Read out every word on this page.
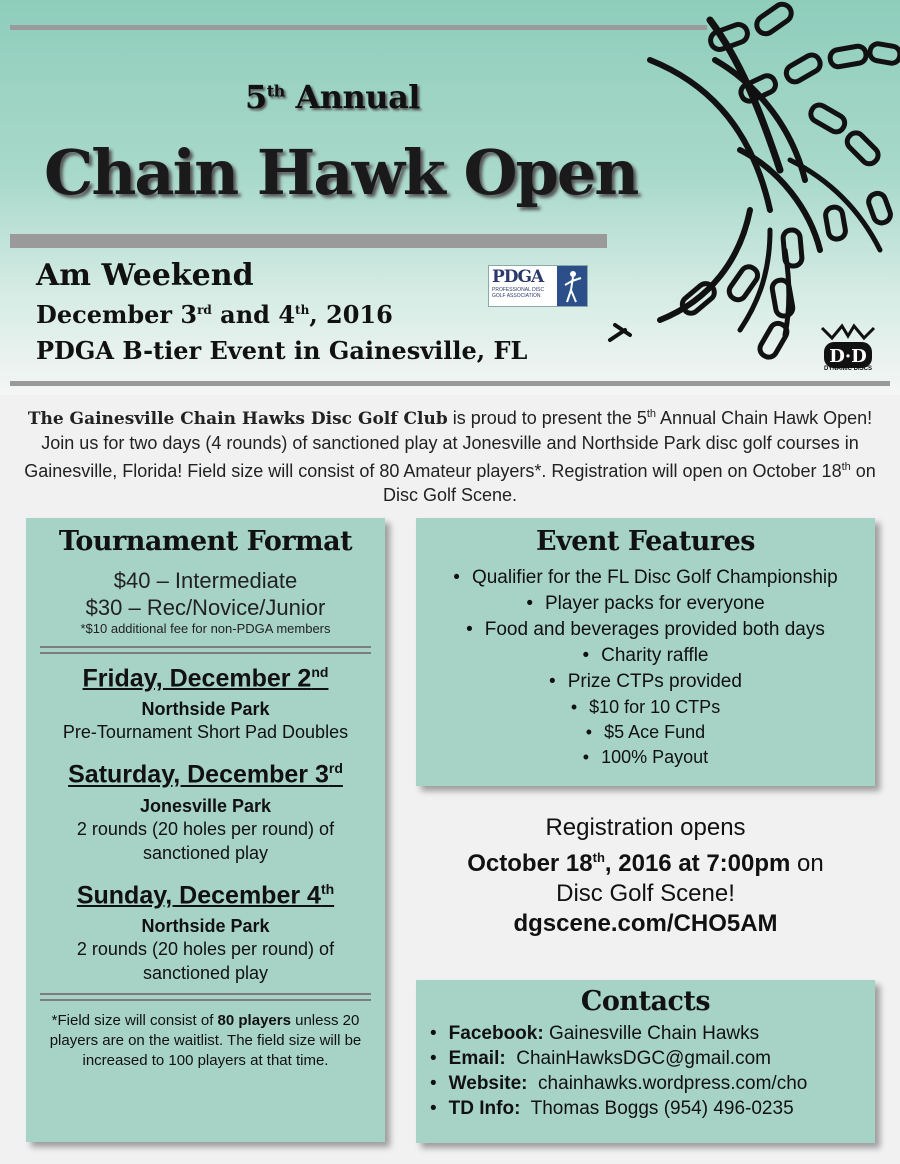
5th Annual
Chain Hawk Open
Am Weekend
December 3rd and 4th, 2016
PDGA B-tier Event in Gainesville, FL
PDGA
PROFESSIONAL DISC GOLF ASSOCIATION
D·D
DYNAMIC DISCS
The Gainesville Chain Hawks Disc Golf Club is proud to present the 5th Annual Chain Hawk Open! Join us for two days (4 rounds) of sanctioned play at Jonesville and Northside Park disc golf courses in Gainesville, Florida! Field size will consist of 80 Amateur players*. Registration will open on October 18th on Disc Golf Scene.
Tournament Format
$40 – Intermediate
$30 – Rec/Novice/Junior
*$10 additional fee for non-PDGA members
Friday, December 2nd
Northside Park
Pre-Tournament Short Pad Doubles
Saturday, December 3rd
Jonesville Park
2 rounds (20 holes per round) of sanctioned play
Sunday, December 4th
Northside Park
2 rounds (20 holes per round) of sanctioned play
*Field size will consist of 80 players unless 20 players are on the waitlist. The field size will be increased to 100 players at that time.
Event Features
• Qualifier for the FL Disc Golf Championship
• Player packs for everyone
• Food and beverages provided both days
• Charity raffle
• Prize CTPs provided
• $10 for 10 CTPs
• $5 Ace Fund
• 100% Payout
Registration opens
October 18th, 2016 at 7:00pm on
Disc Golf Scene!
dgscene.com/CHO5AM
Contacts
• Facebook: Gainesville Chain Hawks
• Email:  ChainHawksDGC@gmail.com
• Website:  chainhawks.wordpress.com/cho
• TD Info:  Thomas Boggs (954) 496-0235
